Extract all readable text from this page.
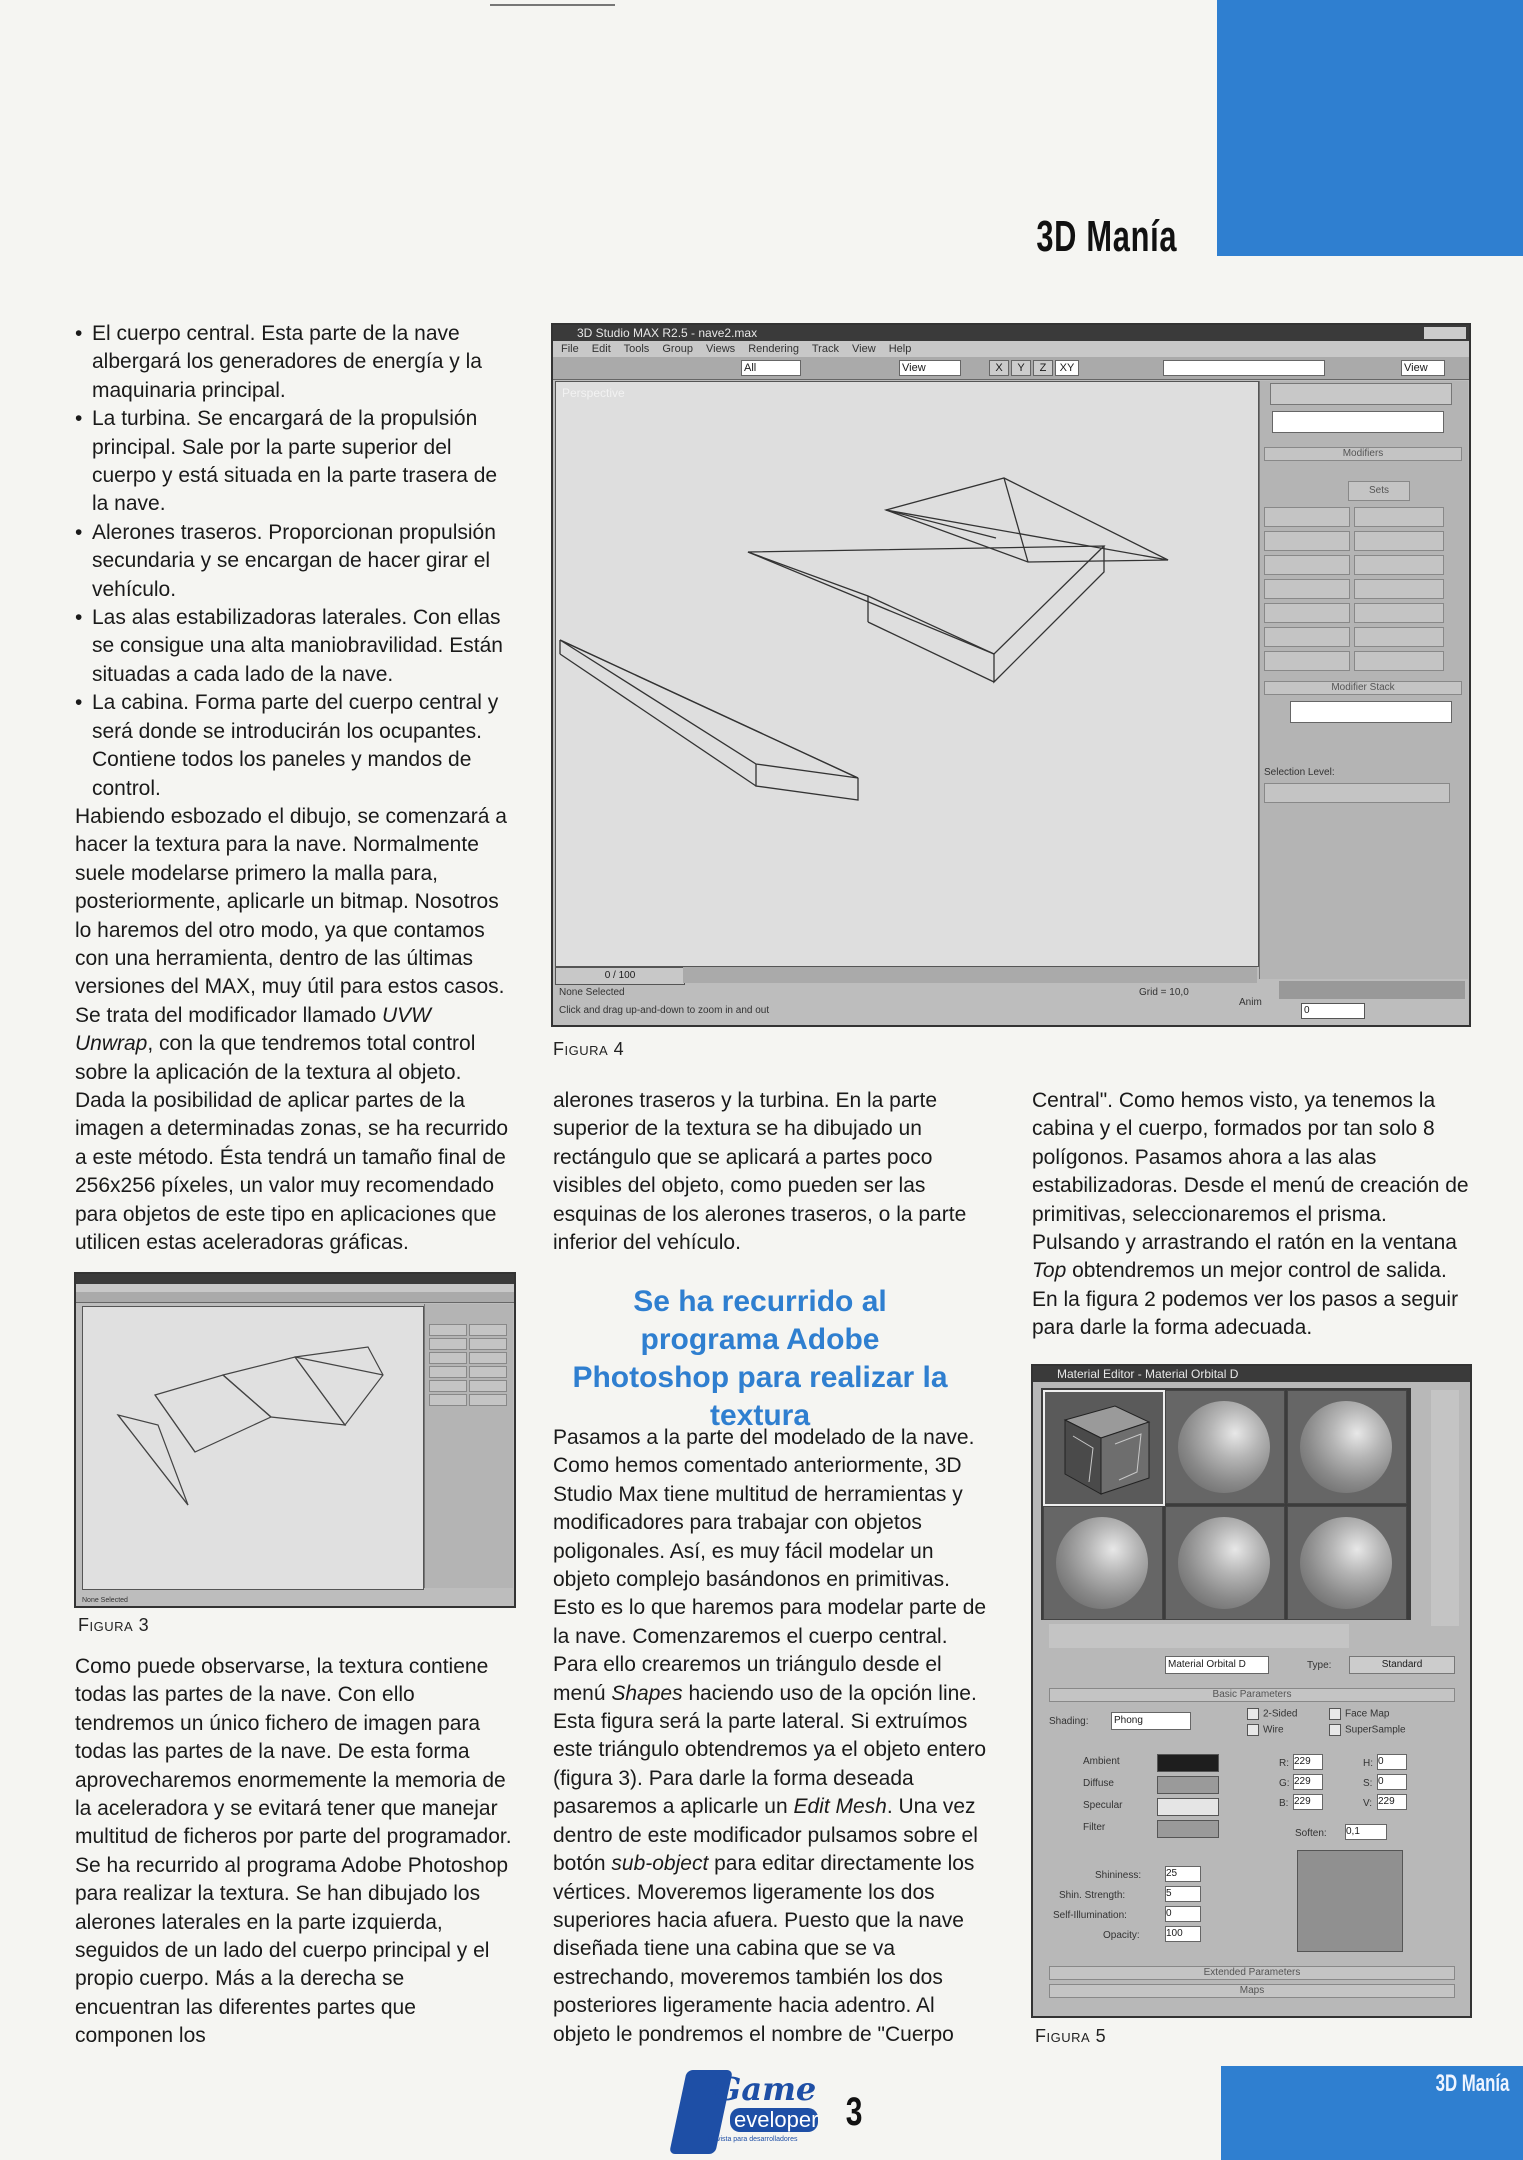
3D Manía
• El cuerpo central. Esta parte de la nave albergará los generadores de energía y la maquinaria principal.
• La turbina. Se encargará de la propulsión principal. Sale por la parte superior del cuerpo y está situada en la parte trasera de la nave.
• Alerones traseros. Proporcionan propulsión secundaria y se encargan de hacer girar el vehículo.
• Las alas estabilizadoras laterales. Con ellas se consigue una alta maniobravilidad. Están situadas a cada lado de la nave.
• La cabina. Forma parte del cuerpo central y será donde se introducirán los ocupantes. Contiene todos los paneles y mandos de control.

Habiendo esbozado el dibujo, se comenzará a hacer la textura para la nave. Normalmente suele modelarse primero la malla para, posteriormente, aplicarle un bitmap. Nosotros lo haremos del otro modo, ya que contamos con una herramienta, dentro de las últimas versiones del MAX, muy útil para estos casos. Se trata del modificador llamado UVW Unwrap, con la que tendremos total control sobre la aplicación de la textura al objeto. Dada la posibilidad de aplicar partes de la imagen a determinadas zonas, se ha recurrido a este método. Ésta tendrá un tamaño final de 256x256 píxeles, un valor muy recomendado para objetos de este tipo en aplicaciones que utilicen estas aceleradoras gráficas.

None Selected
Figura 3

Como puede observarse, la textura contiene todas las partes de la nave. Con ello tendremos un único fichero de imagen para todas las partes de la nave. De esta forma aprovecharemos enormemente la memoria de la aceleradora y se evitará tener que manejar multitud de ficheros por parte del programador.

Se ha recurrido al programa Adobe Photoshop para realizar la textura. Se han dibujado los alerones laterales en la parte izquierda, seguidos de un lado del cuerpo principal y el propio cuerpo. Más a la derecha se encuentran las diferentes partes que componen los

3D Studio MAX R2.5 - nave2.max
File Edit Tools Group Views Rendering Track View Help
All	View	X	Y	Z	XY	View
Perspective
0 / 100
None Selected
Click and drag up-and-down to zoom in and out
Grid = 10,0
Anim
0
Modifiers
Sets
Modifier Stack
Selection Level:
Figura 4

alerones traseros y la turbina. En la parte superior de la textura se ha dibujado un rectángulo que se aplicará a partes poco visibles del objeto, como pueden ser las esquinas de los alerones traseros, o la parte inferior del vehículo.

Se ha recurrido al programa Adobe Photoshop para realizar la textura

Pasamos a la parte del modelado de la nave. Como hemos comentado anteriormente, 3D Studio Max tiene multitud de herramientas y modificadores para trabajar con objetos poligonales. Así, es muy fácil modelar un objeto complejo basándonos en primitivas. Esto es lo que haremos para modelar parte de la nave. Comenzaremos el cuerpo central. Para ello crearemos un triángulo desde el menú Shapes haciendo uso de la opción line. Esta figura será la parte lateral. Si extruímos este triángulo obtendremos ya el objeto entero (figura 3). Para darle la forma deseada pasaremos a aplicarle un Edit Mesh. Una vez dentro de este modificador pulsamos sobre el botón sub-object para editar directamente los vértices. Moveremos ligeramente los dos superiores hacia afuera. Puesto que la nave diseñada tiene una cabina que se va estrechando, moveremos también los dos posteriores ligeramente hacia adentro. Al objeto le pondremos el nombre de "Cuerpo

Central". Como hemos visto, ya tenemos la cabina y el cuerpo, formados por tan solo 8 polígonos. Pasamos ahora a las alas estabilizadoras. Desde el menú de creación de primitivas, seleccionaremos el prisma. Pulsando y arrastrando el ratón en la ventana Top obtendremos un mejor control de salida. En la figura 2 podemos ver los pasos a seguir para darle la forma adecuada.

Material Editor - Material Orbital D
Material Orbital D	Type:	Standard
Basic Parameters
Shading:	Phong
2-Sided
Wire
Face Map
SuperSample
Ambient
Diffuse
Specular
Filter
R: 229
G: 229
B: 229
H: 0
S: 0
V: 229
Soften: 0,1
Shininess: 25
Shin. Strength:	5
Self-Illumination:	0
Opacity:	100
Extended Parameters
Maps
Figura 5
Game
eveloper
Revista para desarrolladores
3
3D Manía
